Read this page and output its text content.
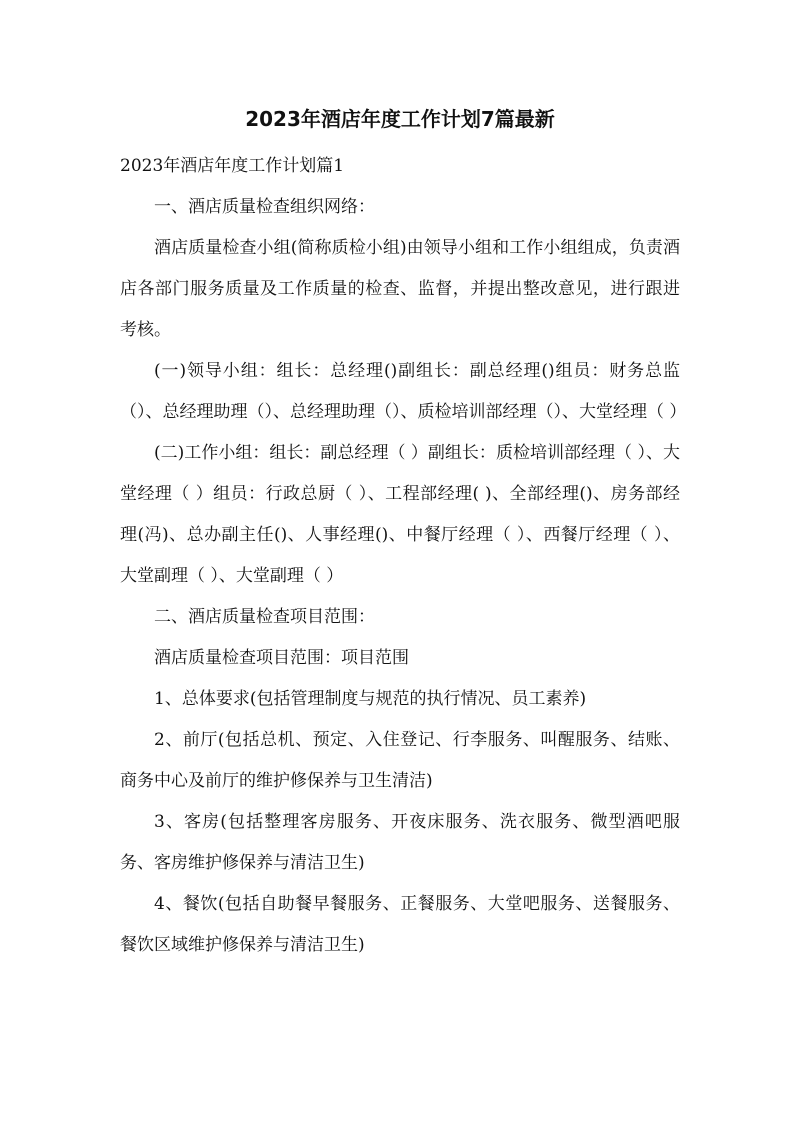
2023年酒店年度工作计划7篇最新

2023年酒店年度工作计划篇1

一、酒店质量检查组织网络：

酒店质量检查小组(简称质检小组)由领导小组和工作小组组成，负责酒店各部门服务质量及工作质量的检查、监督，并提出整改意见，进行跟进考核。

(一)领导小组：组长：总经理()副组长：副总经理()组员：财务总监（）、总经理助理（）、总经理助理（）、质检培训部经理（）、大堂经理（ ）

(二)工作小组：组长：副总经理（ ）副组长：质检培训部经理（ ）、大堂经理（ ）组员：行政总厨（ ）、工程部经理( )、全部经理()、房务部经理(冯)、总办副主任()、人事经理()、中餐厅经理（ ）、西餐厅经理（ ）、大堂副理（ ）、大堂副理（ ）

二、酒店质量检查项目范围：

酒店质量检查项目范围：项目范围

1、总体要求(包括管理制度与规范的执行情况、员工素养)

2、前厅(包括总机、预定、入住登记、行李服务、叫醒服务、结账、商务中心及前厅的维护修保养与卫生清洁)

3、客房(包括整理客房服务、开夜床服务、洗衣服务、微型酒吧服务、客房维护修保养与清洁卫生)

4、餐饮(包括自助餐早餐服务、正餐服务、大堂吧服务、送餐服务、餐饮区域维护修保养与清洁卫生)
